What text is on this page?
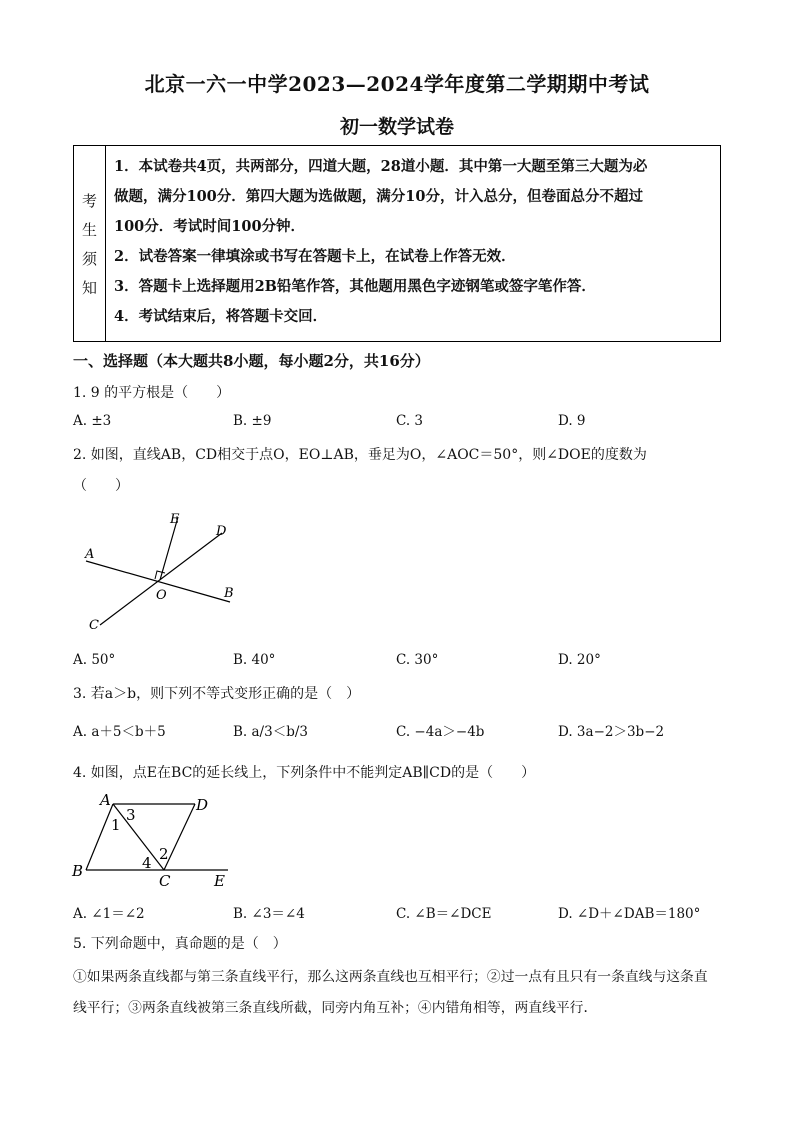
北京一六一中学2023—2024学年度第二学期期中考试
初一数学试卷
考
生
须
知
1．本试卷共4页，共两部分，四道大题，28道小题．其中第一大题至第三大题为必
做题，满分100分．第四大题为选做题，满分10分，计入总分，但卷面总分不超过
100分．考试时间100分钟．
2．试卷答案一律填涂或书写在答题卡上，在试卷上作答无效．
3．答题卡上选择题用2B铅笔作答，其他题用黑色字迹钢笔或签字笔作答．
4．考试结束后，将答题卡交回．
一、选择题（本大题共8小题，每小题2分，共16分）
1. 9 的平方根是（　　）
A. ±3	B. ±9	C. 3	D. 9
2. 如图，直线AB，CD相交于点O，EO⊥AB，垂足为O，∠AOC＝50°，则∠DOE的度数为
（　　）
E
D
A
O	B
C
A. 50°	B. 40°	C. 30°	D. 20°
3. 若a＞b，则下列不等式变形正确的是（　）
A. a＋5＜b＋5	B. a/3＜b/3	C. −4a＞−4b	D. 3a−2＞3b−2
4. 如图，点E在BC的延长线上，下列条件中不能判定AB∥CD的是（　　）
A	D
B
C	E
1
3
2
4
A. ∠1＝∠2	B. ∠3＝∠4	C. ∠B＝∠DCE	D. ∠D＋∠DAB＝180°
5. 下列命题中，真命题的是（　）
①如果两条直线都与第三条直线平行，那么这两条直线也互相平行；②过一点有且只有一条直线与这条直
线平行；③两条直线被第三条直线所截，同旁内角互补；④内错角相等，两直线平行．
